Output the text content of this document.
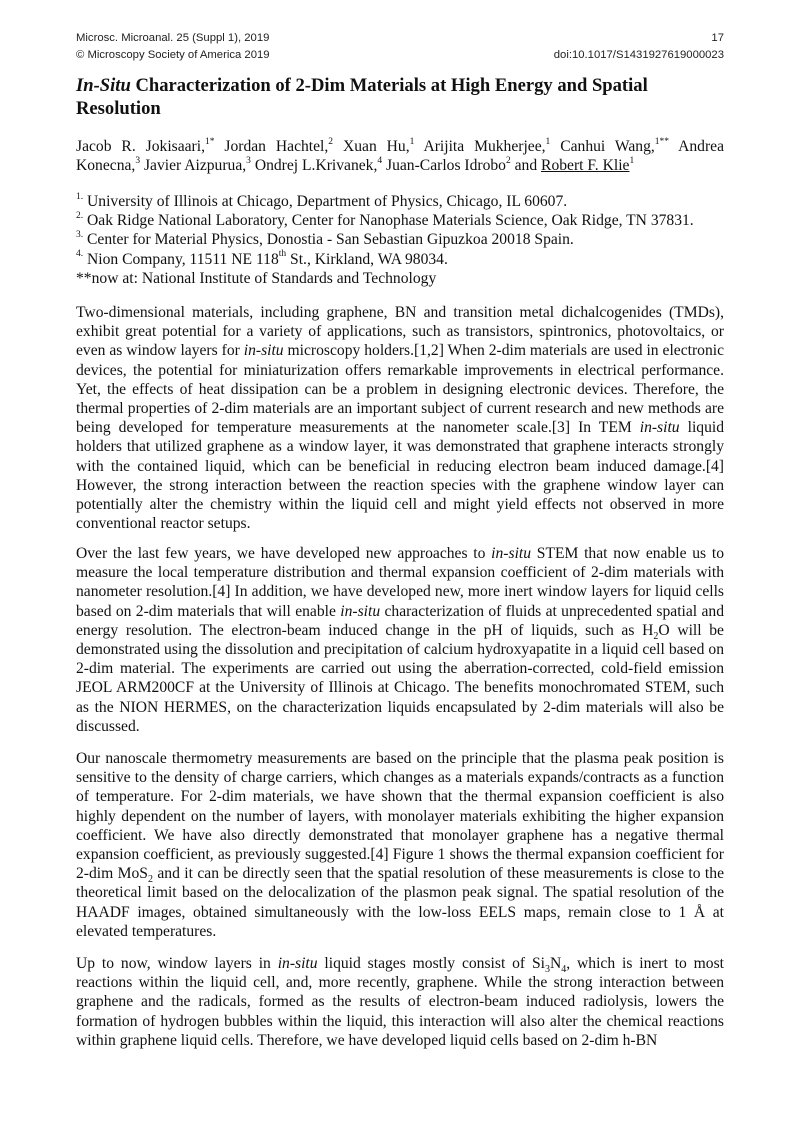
Microsc. Microanal. 25 (Suppl 1), 2019	17
© Microscopy Society of America 2019	doi:10.1017/S1431927619000023
In-Situ Characterization of 2-Dim Materials at High Energy and Spatial Resolution
Jacob R. Jokisaari,$^{1*}$ Jordan Hachtel,$^2$ Xuan Hu,$^1$ Arijita Mukherjee,$^1$ Canhui Wang,$^{1**}$ Andrea Konecna,$^3$ Javier Aizpurua,$^3$ Ondrej L.Krivanek,$^4$ Juan-Carlos Idrobo$^2$ and Robert F. Klie$^1$
$^{1.}$ University of Illinois at Chicago, Department of Physics, Chicago, IL 60607.
$^{2.}$ Oak Ridge National Laboratory, Center for Nanophase Materials Science, Oak Ridge, TN 37831.
$^{3.}$ Center for Material Physics, Donostia - San Sebastian Gipuzkoa 20018 Spain.
$^{4.}$ Nion Company, 11511 NE 118th St., Kirkland, WA 98034.
**now at: National Institute of Standards and Technology

Two-dimensional materials, including graphene, BN and transition metal dichalcogenides (TMDs), exhibit great potential for a variety of applications, such as transistors, spintronics, photovoltaics, or even as window layers for in-situ microscopy holders.[1,2] When 2-dim materials are used in electronic devices, the potential for miniaturization offers remarkable improvements in electrical performance. Yet, the effects of heat dissipation can be a problem in designing electronic devices. Therefore, the thermal properties of 2-dim materials are an important subject of current research and new methods are being developed for temperature measurements at the nanometer scale.[3] In TEM in-situ liquid holders that utilized graphene as a window layer, it was demonstrated that graphene interacts strongly with the contained liquid, which can be beneficial in reducing electron beam induced damage.[4] However, the strong interaction between the reaction species with the graphene window layer can potentially alter the chemistry within the liquid cell and might yield effects not observed in more conventional reactor setups.

Over the last few years, we have developed new approaches to in-situ STEM that now enable us to measure the local temperature distribution and thermal expansion coefficient of 2-dim materials with nanometer resolution.[4] In addition, we have developed new, more inert window layers for liquid cells based on 2-dim materials that will enable in-situ characterization of fluids at unprecedented spatial and energy resolution. The electron-beam induced change in the pH of liquids, such as $H_2O$ will be demonstrated using the dissolution and precipitation of calcium hydroxyapatite in a liquid cell based on 2-dim material. The experiments are carried out using the aberration-corrected, cold-field emission JEOL ARM200CF at the University of Illinois at Chicago. The benefits monochromated STEM, such as the NION HERMES, on the characterization liquids encapsulated by 2-dim materials will also be discussed.

Our nanoscale thermometry measurements are based on the principle that the plasma peak position is sensitive to the density of charge carriers, which changes as a materials expands/contracts as a function of temperature. For 2-dim materials, we have shown that the thermal expansion coefficient is also highly dependent on the number of layers, with monolayer materials exhibiting the higher expansion coefficient. We have also directly demonstrated that monolayer graphene has a negative thermal expansion coefficient, as previously suggested.[4] Figure 1 shows the thermal expansion coefficient for 2-dim MoS$_2$ and it can be directly seen that the spatial resolution of these measurements is close to the theoretical limit based on the delocalization of the plasmon peak signal. The spatial resolution of the HAADF images, obtained simultaneously with the low-loss EELS maps, remain close to 1 Å at elevated temperatures.

Up to now, window layers in in-situ liquid stages mostly consist of $Si_3N_4$, which is inert to most reactions within the liquid cell, and, more recently, graphene. While the strong interaction between graphene and the radicals, formed as the results of electron-beam induced radiolysis, lowers the formation of hydrogen bubbles within the liquid, this interaction will also alter the chemical reactions within graphene liquid cells. Therefore, we have developed liquid cells based on 2-dim h-BN
